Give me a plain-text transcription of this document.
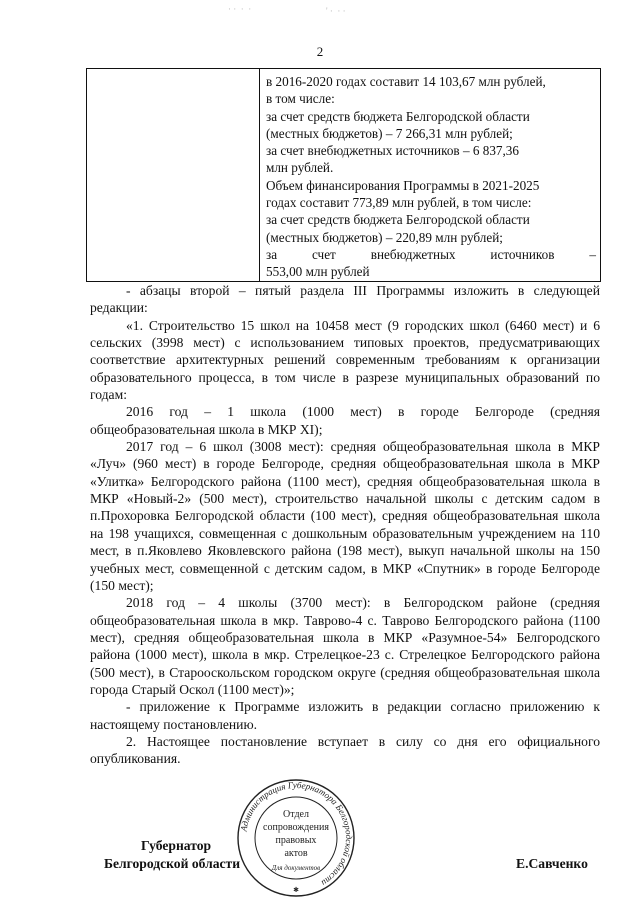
· ·  ·  ·	' ·  · ·
2

в 2016-2020 годах составит 14 103,67 млн рублей,
в том числе:
за счет средств бюджета Белгородской области
(местных бюджетов) – 7 266,31 млн рублей;
за счет внебюджетных источников – 6 837,36
млн рублей.
Объем финансирования Программы в 2021-2025
годах составит 773,89 млн рублей, в том числе:
за счет средств бюджета Белгородской области
(местных бюджетов) – 220,89 млн рублей;
за счет внебюджетных источников –
553,00 млн рублей

- абзацы второй – пятый раздела III Программы изложить в следующей редакции:

«1. Строительство 15 школ на 10458 мест (9 городских школ (6460 мест) и 6 сельских (3998 мест) с использованием типовых проектов, предусматривающих соответствие архитектурных решений современным требованиям к организации образовательного процесса, в том числе в разрезе муниципальных образований по годам:

2016 год – 1 школа (1000 мест) в городе Белгороде (средняя общеобразовательная школа в МКР XI);

2017 год – 6 школ (3008 мест): средняя общеобразовательная школа в МКР «Луч» (960 мест) в городе Белгороде, средняя общеобразовательная школа в МКР «Улитка» Белгородского района (1100 мест), средняя общеобразовательная школа в МКР «Новый-2» (500 мест), строительство начальной школы с детским садом в п.Прохоровка Белгородской области (100 мест), средняя общеобразовательная школа на 198 учащихся, совмещенная с дошкольным образовательным учреждением на 110 мест, в п.Яковлево Яковлевского района (198 мест), выкуп начальной школы на 150 учебных мест, совмещенной с детским садом, в МКР «Спутник» в городе Белгороде (150 мест);

2018 год – 4 школы (3700 мест): в Белгородском районе (средняя общеобразовательная школа в мкр. Таврово-4 с. Таврово Белгородского района (1100 мест), средняя общеобразовательная школа в МКР «Разумное-54» Белгородского района (1000 мест), школа в мкр. Стрелецкое-23 с. Стрелецкое Белгородского района (500 мест), в Старооскольском городском округе (средняя общеобразовательная школа города Старый Оскол (1100 мест)»;

- приложение к Программе изложить в редакции согласно приложению к настоящему постановлению.

2. Настоящее постановление вступает в силу со дня его официального опубликования.

Губернатор
Белгородской области	Е.Савченко
Администрация Губернатора Белгородской области
Отдел
сопровождения
правовых
актов
Для документов
✱
